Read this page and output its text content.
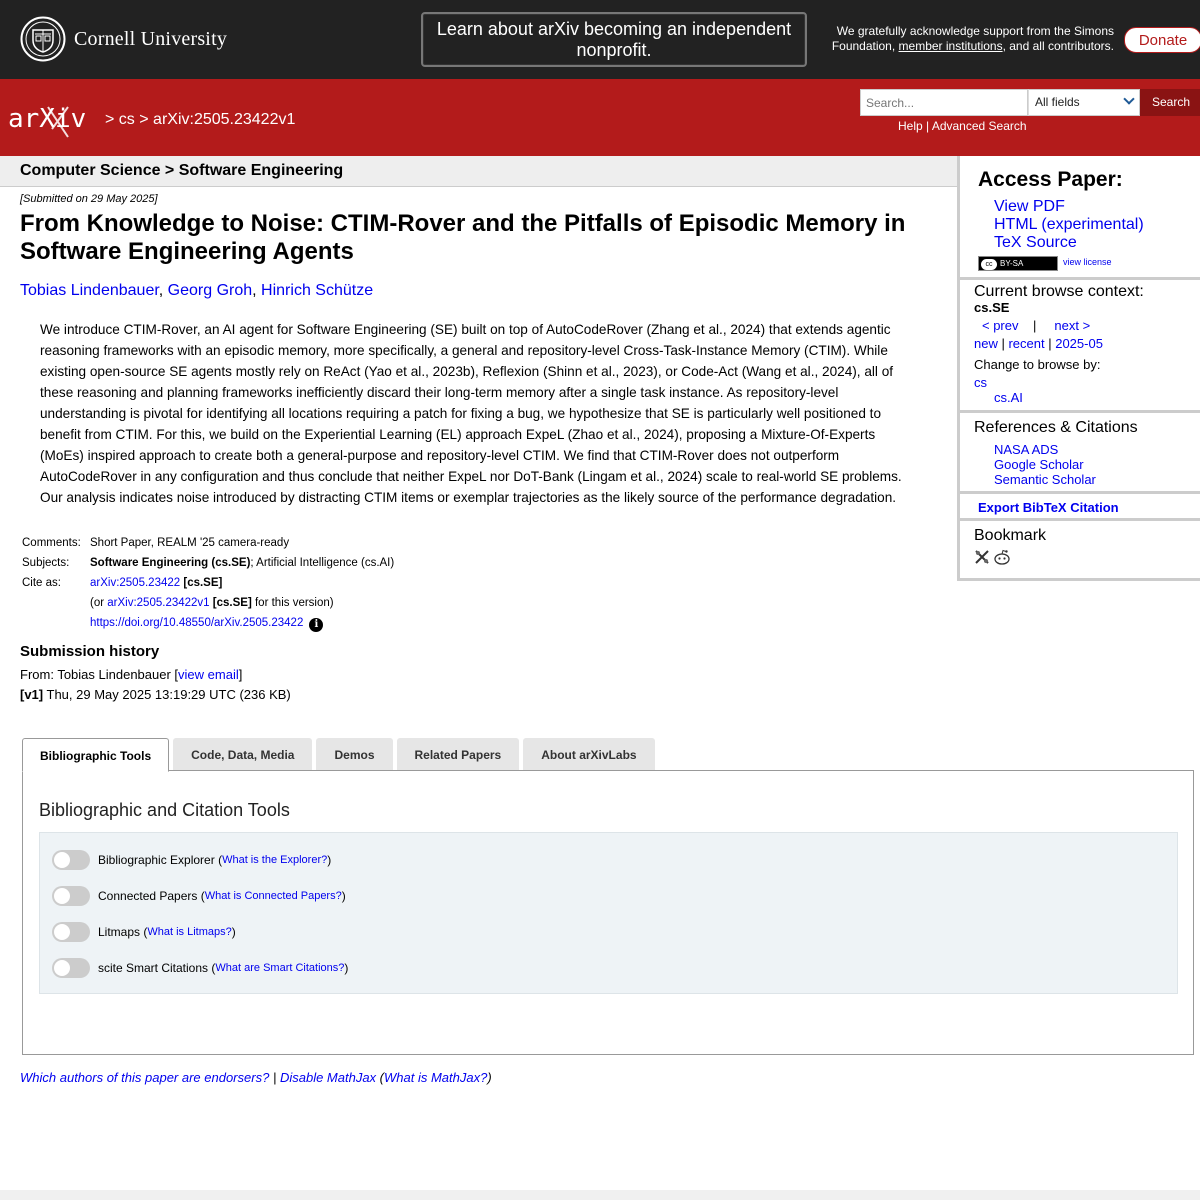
Cornell University	Learn about arXiv becoming an independent nonprofit.
We gratefully acknowledge support from the Simons
Foundation, member institutions, and all contributors.	Donate
arXiv > cs > arXiv:2505.23422v1
Search...
All fields	Search
Help | Advanced Search
Computer Science > Software Engineering
[Submitted on 29 May 2025]
From Knowledge to Noise: CTIM-Rover and the Pitfalls of Episodic Memory in Software Engineering Agents
Tobias Lindenbauer, Georg Groh, Hinrich Schütze
We introduce CTIM-Rover, an AI agent for Software Engineering (SE) built on top of AutoCodeRover (Zhang et al., 2024) that extends agentic reasoning frameworks with an episodic memory, more specifically, a general and repository-level Cross-Task-Instance Memory (CTIM). While existing open-source SE agents mostly rely on ReAct (Yao et al., 2023b), Reflexion (Shinn et al., 2023), or Code-Act (Wang et al., 2024), all of these reasoning and planning frameworks inefficiently discard their long-term memory after a single task instance. As repository-level understanding is pivotal for identifying all locations requiring a patch for fixing a bug, we hypothesize that SE is particularly well positioned to benefit from CTIM. For this, we build on the Experiential Learning (EL) approach ExpeL (Zhao et al., 2024), proposing a Mixture-Of-Experts (MoEs) inspired approach to create both a general-purpose and repository-level CTIM. We find that CTIM-Rover does not outperform AutoCodeRover in any configuration and thus conclude that neither ExpeL nor DoT-Bank (Lingam et al., 2024) scale to real-world SE problems. Our analysis indicates noise introduced by distracting CTIM items or exemplar trajectories as the likely source of the performance degradation.
Comments: Short Paper, REALM '25 camera-ready
Subjects:	Software Engineering (cs.SE); Artificial Intelligence (cs.AI)
Cite as:	arXiv:2505.23422 [cs.SE]
(or arXiv:2505.23422v1 [cs.SE] for this version)
https://doi.org/10.48550/arXiv.2505.23422 i
Submission history
From: Tobias Lindenbauer [view email]
[v1] Thu, 29 May 2025 13:19:29 UTC (236 KB)
Bibliographic Tools	Code, Data, Media	Demos	Related Papers	About arXivLabs
Bibliographic and Citation Tools
Bibliographic Explorer ( What is the Explorer? )
Connected Papers ( What is Connected Papers? )
Litmaps ( What is Litmaps? )
scite Smart Citations ( What are Smart Citations? )
Which authors of this paper are endorsers? | Disable MathJax (What is MathJax?)
Access Paper:
View PDF
HTML (experimental)
TeX Source
cc BY-SA	view license
Current browse context:
cs.SE
< prev | next >
new | recent | 2025-05
Change to browse by:
cs
cs.AI
References & Citations
NASA ADS
Google Scholar
Semantic Scholar
Export BibTeX Citation
Bookmark
